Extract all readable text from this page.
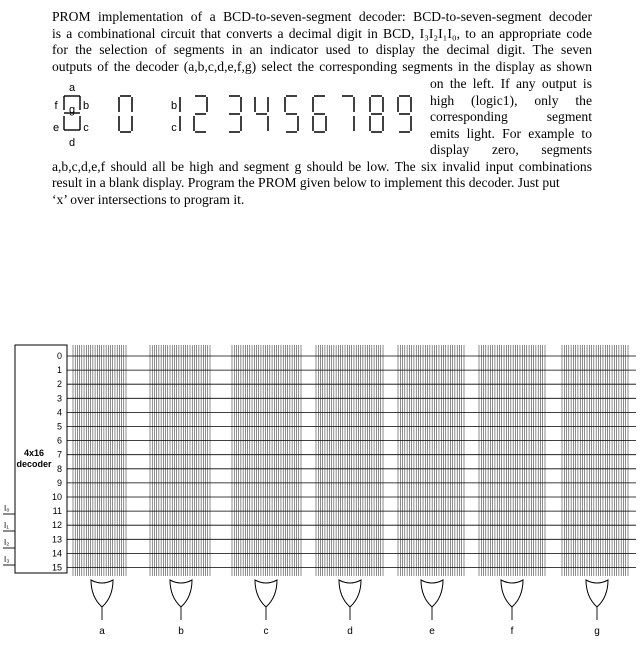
a
f g b
e c
d
b
c
4x16
decoder
0
1
2
3
4
5
6
7
8
9
10
11
12
13
14
15
I₀
I₁
I₂
I₃
a	b	c	d	e	f	g
PROM implementation of a BCD-to-seven-segment decoder: BCD-to-seven-segment decoder
is a combinational circuit that converts a decimal digit in BCD, I₃I₂I₁I₀, to an appropriate code
for the selection of segments in an indicator used to display the decimal digit. The seven
outputs of the decoder (a,b,c,d,e,f,g) select the corresponding segments in the display as shown
on the left. If any output is
high (logic1), only the
corresponding segment
emits light. For example to
display zero, segments
a,b,c,d,e,f should all be high and segment g should be low. The six invalid input combinations
result in a blank display. Program the PROM given below to implement this decoder. Just put
‘x’ over intersections to program it.
